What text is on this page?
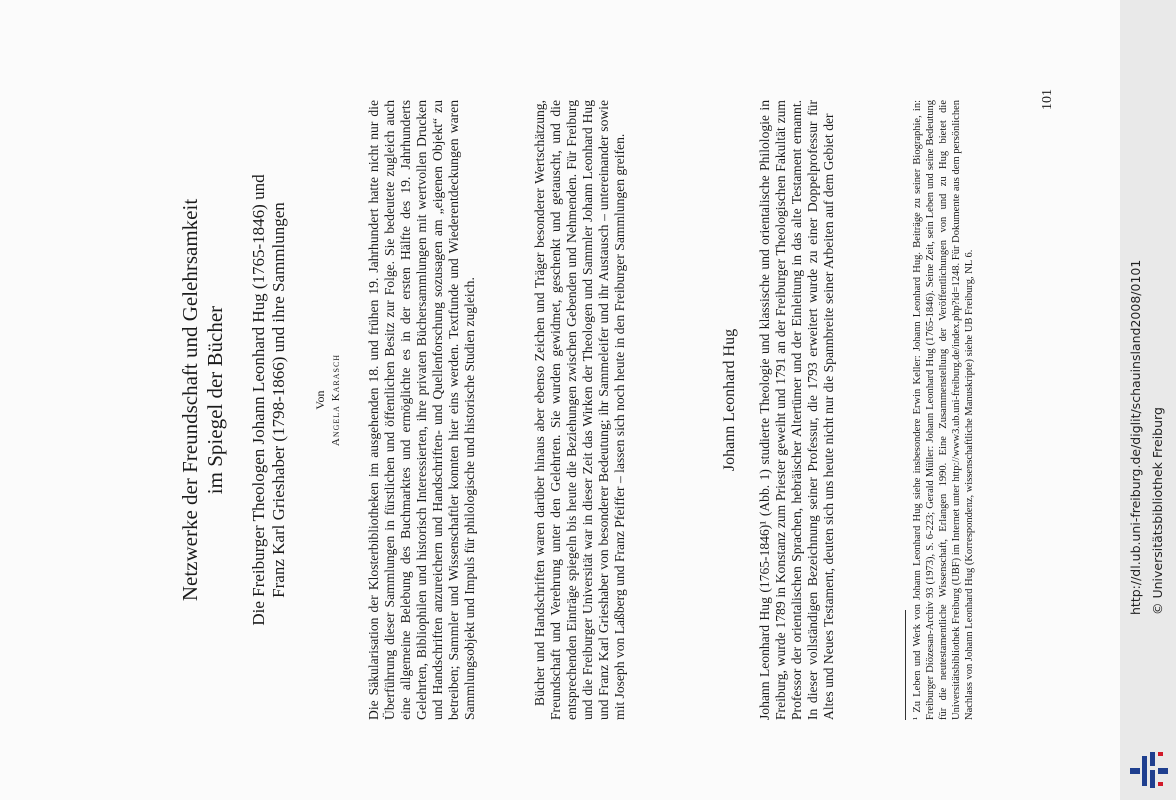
Netzwerke der Freundschaft und Gelehrsamkeit im Spiegel der Bücher Die Freiburger Theologen Johann Leonhard Hug (1765-1846) und Franz Karl Grieshaber (1798-1866) und ihre Sammlungen Von Angela Karasch Die Säkularisation der Klosterbibliotheken im ausgehenden 18. und frühen 19. Jahrhundert hatte nicht nur die Überführung dieser Sammlungen in fürstlichen und öffentlichen Besitz zur Folge. Sie bedeutete zugleich auch eine allgemeine Belebung des Buchmarktes und ermöglichte es in der ersten Hälfte des 19. Jahrhunderts Gelehrten, Bibliophilen und historisch Interessierten, ihre privaten Büchersammlungen mit wertvollen Drucken und Handschriften anzureichern und Handschriften- und Quellenforschung sozusagen am „eigenen Objekt“ zu betreiben; Sammler und Wissenschaftler konnten hier eins werden. Textfunde und Wiederentdeckungen waren Sammlungsobjekt und Impuls für philologische und historische Studien zugleich.	Bücher und Handschriften waren darüber hinaus aber ebenso Zeichen und Träger besonderer Wertschätzung, Freundschaft und Verehrung unter den Gelehrten. Sie wurden gewidmet, geschenkt und getauscht, und die entsprechenden Einträge spiegeln bis heute die Beziehungen zwischen Gebenden und Nehmenden. Für Freiburg und die Freiburger Universität war in dieser Zeit das Wirken der Theologen und Sammler Johann Leonhard Hug und Franz Karl Grieshaber von besonderer Bedeutung; ihr Sammeleifer und ihr Austausch – untereinander sowie mit Joseph von Laßberg und Franz Pfeiffer – lassen sich noch heute in den Freiburger Sammlungen greifen.	Johann Leonhard Hug Johann Leonhard Hug (1765-1846)¹ (Abb. 1) studierte Theologie und klassische und orientalische Philologie in Freiburg, wurde 1789 in Konstanz zum Priester geweiht und 1791 an der Freiburger Theologischen Fakultät zum Professor der orientalischen Sprachen, hebräischer Altertümer und der Einleitung in das alte Testament ernannt. In dieser vollständigen Bezeichnung seiner Professur, die 1793 erweitert wurde zu einer Doppelprofessur für Altes und Neues Testament, deuten sich uns heute nicht nur die Spannbreite seiner Arbeiten auf dem Gebiet der	¹ Zu Leben und Werk von Johann Leonhard Hug siehe insbesondere Erwin Keller: Johann Leonhard Hug. Beiträge zu seiner Biographie, in: Freiburger Diözesan-Archiv 93 (1973), S. 6-223; Gerald Müller: Johann Leonhard Hug (1765-1846). Seine Zeit, sein Leben und seine Bedeutung für die neutestamentliche Wissenschaft, Erlangen 1990. Eine Zusammenstellung der Veröffentlichungen von und zu Hug bietet die Universitätsbibliothek Freiburg (UBF) im Internet unter http://www3.ub.uni-freiburg.de/index.php?id=1248. Für Dokumente aus dem persönlichen Nachlass von Johann Leonhard Hug (Korrespondenz, wissenschaftliche Manuskripte) siehe UB Freiburg, NL 6.
101
http://dl.ub.uni-freiburg.de/diglit/schauinsland2008/0101 © Universitätsbibliothek Freiburg
